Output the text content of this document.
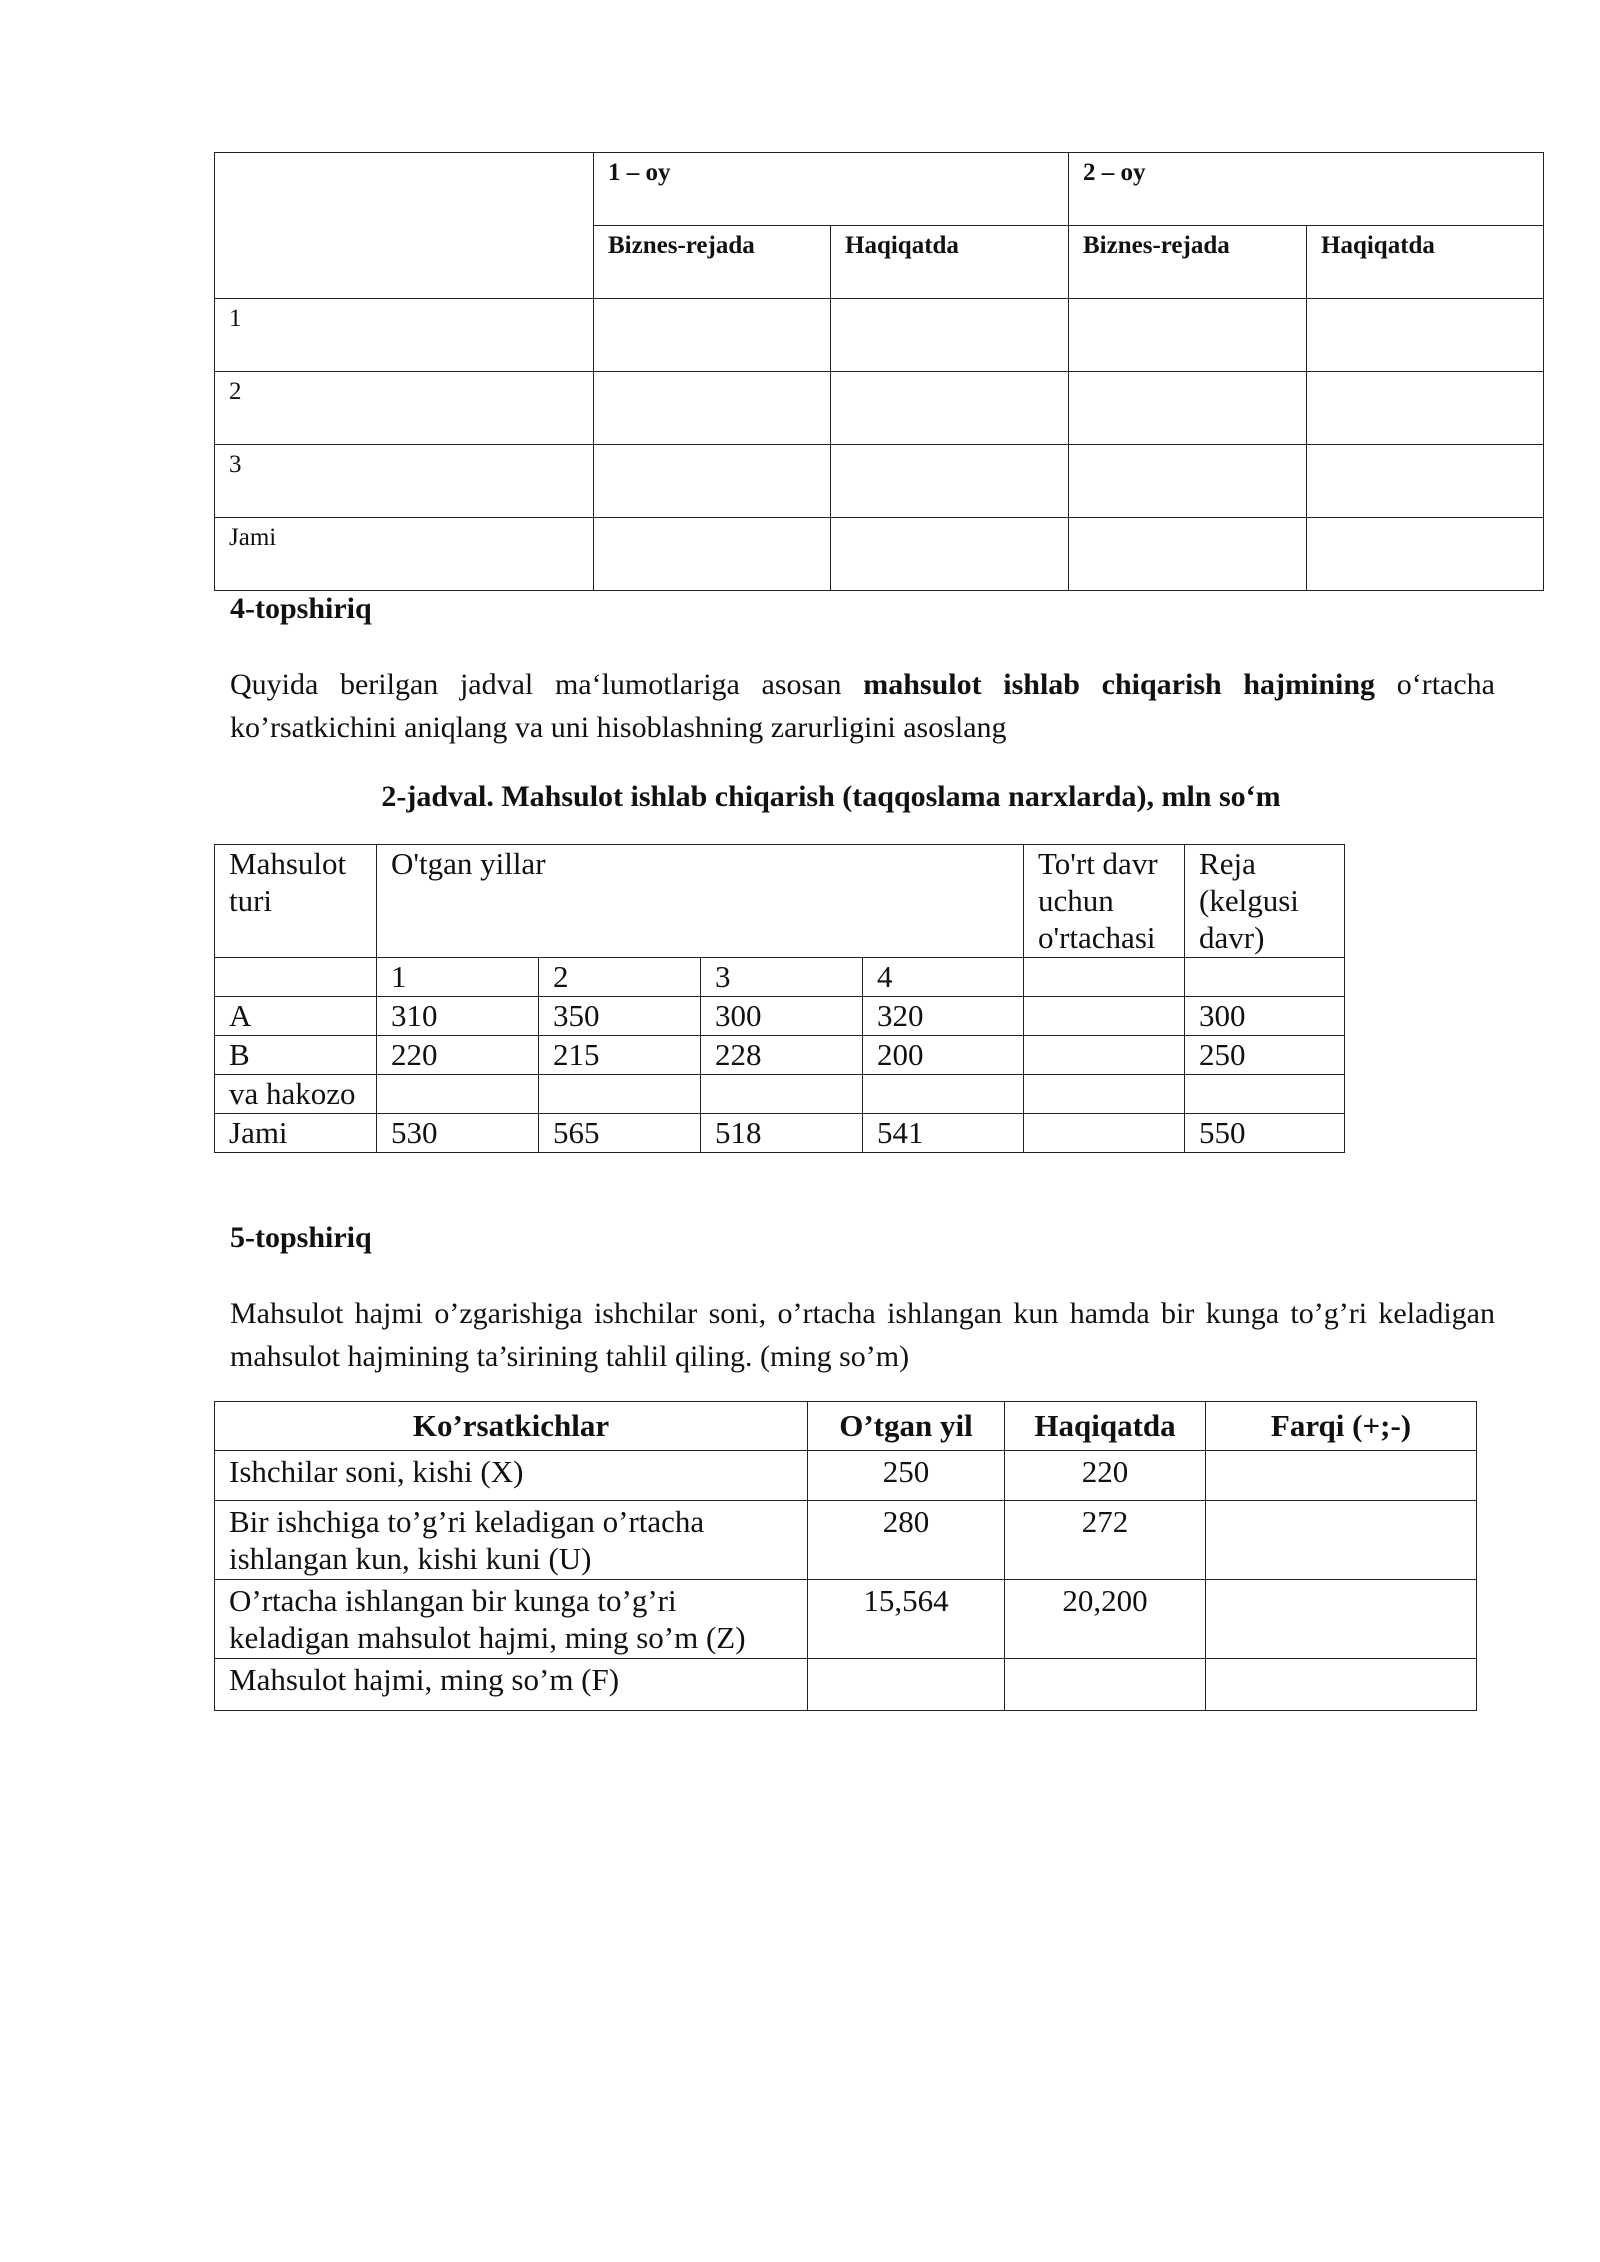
	1 – oy		2 – oy	
	Biznes-rejada	Haqiqatda	Biznes-rejada	Haqiqatda
1				
2				
3				
Jami				
4-topshiriq
Quyida berilgan jadval ma‘lumotlariga asosan mahsulot ishlab chiqarish hajmining o‘rtacha ko’rsatkichini aniqlang va uni hisoblashning zarurligini asoslang
2-jadval. Mahsulot ishlab chiqarish (taqqoslama narxlarda), mln so‘m
Mahsulot turi	O'tgan yillar				To'rt davr uchun o'rtachasi	Reja (kelgusi davr)
	1	2	3	4		
A	310	350	300	320		300
B	220	215	228	200		250
va hakozo						
Jami	530	565	518	541		550
5-topshiriq
Mahsulot hajmi o’zgarishiga ishchilar soni, o’rtacha ishlangan kun hamda bir kunga to’g’ri keladigan mahsulot hajmining ta’sirining tahlil qiling. (ming so’m)
Ko’rsatkichlar	O’tgan yil	Haqiqatda	Farqi (+;-)
Ishchilar soni, kishi (X)	250	220	
Bir ishchiga to’g’ri keladigan o’rtacha ishlangan kun, kishi kuni (U)	280	272	
O’rtacha ishlangan bir kunga to’g’ri keladigan mahsulot hajmi, ming so’m (Z)	15,564	20,200	
Mahsulot hajmi, ming so’m (F)			
